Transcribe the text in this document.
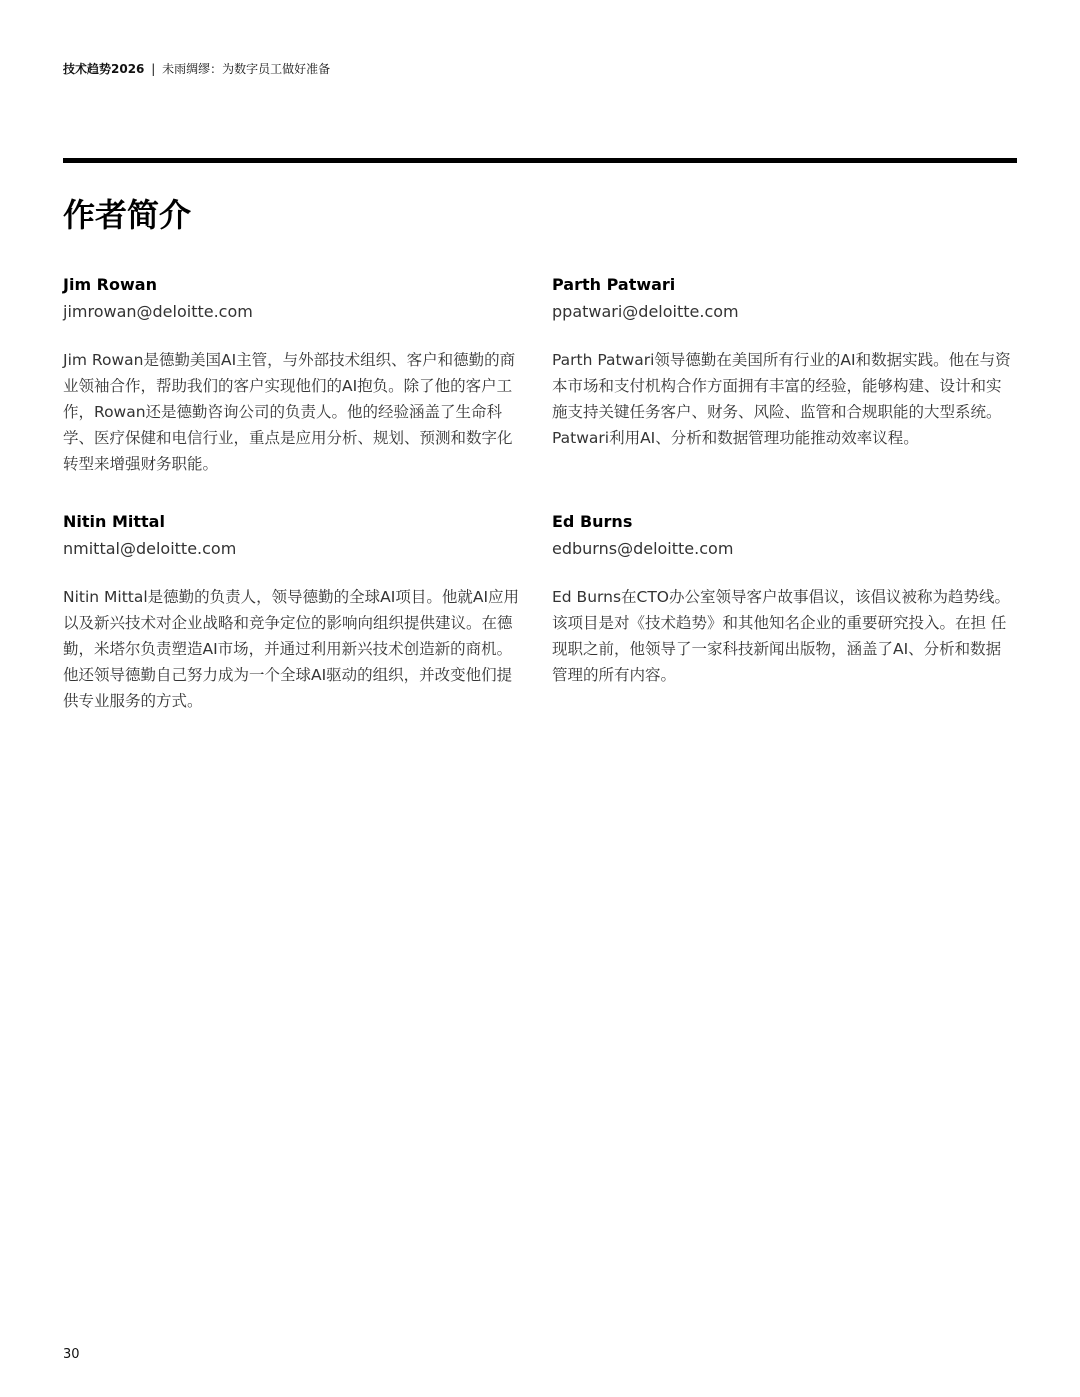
技术趋势2026 | 未雨绸缪：为数字员工做好准备
作者简介

Jim Rowan

jimrowan@deloitte.com

Jim Rowan是德勤美国AI主管，与外部技术组织、客户和德勤的商业领袖合作，帮助我们的客户实现他们的AI抱负。除了他的客户工作，Rowan还是德勤咨询公司的负责人。他的经验涵盖了生命科学、医疗保健和电信行业，重点是应用分析、规划、预测和数字化转型来增强财务职能。

Parth Patwari

ppatwari@deloitte.com

Parth Patwari领导德勤在美国所有行业的AI和数据实践。他在与资本市场和支付机构合作方面拥有丰富的经验，能够构建、设计和实施支持关键任务客户、财务、风险、监管和合规职能的大型系统。Patwari利用AI、分析和数据管理功能推动效率议程。

Nitin Mittal

nmittal@deloitte.com

Nitin Mittal是德勤的负责人，领导德勤的全球AI项目。他就AI应用以及新兴技术对企业战略和竞争定位的影响向组织提供建议。在德勤，米塔尔负责塑造AI市场，并通过利用新兴技术创造新的商机。他还领导德勤自己努力成为一个全球AI驱动的组织，并改变他们提供专业服务的方式。

Ed Burns

edburns@deloitte.com

Ed Burns在CTO办公室领导客户故事倡议，该倡议被称为趋势线。该项目是对《技术趋势》和其他知名企业的重要研究投入。在担 任现职之前，他领导了一家科技新闻出版物，涵盖了AI、分析和数据管理的所有内容。

30
